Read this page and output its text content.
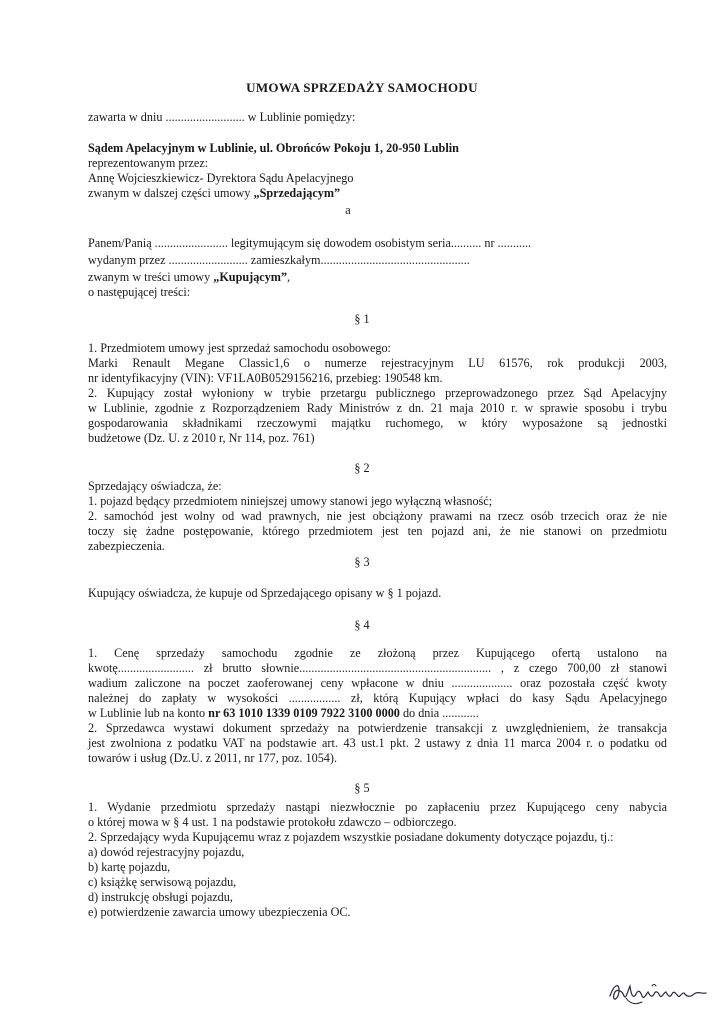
UMOWA SPRZEDAŻY SAMOCHODU
zawarta w dniu .......................... w Lublinie pomiędzy:
Sądem Apelacyjnym w Lublinie, ul. Obrońców Pokoju 1, 20-950 Lublin
reprezentowanym przez:
Annę Wojcieszkiewicz- Dyrektora Sądu Apelacyjnego
zwanym w dalszej części umowy „Sprzedającym”
a
Panem/Panią ........................ legitymującym się dowodem osobistym seria.......... nr ...........
wydanym przez .......................... zamieszkałym.................................................
zwanym w treści umowy „Kupującym”,
o następującej treści:
§ 1
1. Przedmiotem umowy jest sprzedaż samochodu osobowego:
Marki Renault Megane Classic1,6 o numerze rejestracyjnym LU 61576, rok produkcji 2003,
nr identyfikacyjny (VIN): VF1LA0B0529156216, przebieg: 190548 km.
2. Kupujący został wyłoniony w trybie przetargu publicznego przeprowadzonego przez Sąd Apelacyjny
w Lublinie, zgodnie z Rozporządzeniem Rady Ministrów z dn. 21 maja 2010 r. w sprawie sposobu i trybu
gospodarowania składnikami rzeczowymi majątku ruchomego, w który wyposażone są jednostki
budżetowe (Dz. U. z 2010 r, Nr 114, poz. 761)
§ 2
Sprzedający oświadcza, że:
1. pojazd będący przedmiotem niniejszej umowy stanowi jego wyłączną własność;
2. samochód jest wolny od wad prawnych, nie jest obciążony prawami na rzecz osób trzecich oraz że nie
toczy się żadne postępowanie, którego przedmiotem jest ten pojazd ani, że nie stanowi on przedmiotu
zabezpieczenia.
§ 3
Kupujący oświadcza, że kupuje od Sprzedającego opisany w § 1 pojazd.
§ 4
1. Cenę sprzedaży samochodu zgodnie ze złożoną przez Kupującego ofertą ustalono na
kwotę......................... zł brutto słownie............................................................... , z czego 700,00 zł stanowi
wadium zaliczone na poczet zaoferowanej ceny wpłacone w dniu .................... oraz pozostała część kwoty
należnej do zapłaty w wysokości ................. zł, którą Kupujący wpłaci do kasy Sądu Apelacyjnego
w Lublinie lub na konto nr 63 1010 1339 0109 7922 3100 0000 do dnia ............
2. Sprzedawca wystawi dokument sprzedaży na potwierdzenie transakcji z uwzględnieniem, że transakcja
jest zwolniona z podatku VAT na podstawie art. 43 ust.1 pkt. 2 ustawy z dnia 11 marca 2004 r. o podatku od
towarów i usług (Dz.U. z 2011, nr 177, poz. 1054).
§ 5
1. Wydanie przedmiotu sprzedaży nastąpi niezwłocznie po zapłaceniu przez Kupującego ceny nabycia
o której mowa w § 4 ust. 1 na podstawie protokołu zdawczo – odbiorczego.
2. Sprzedający wyda Kupującemu wraz z pojazdem wszystkie posiadane dokumenty dotyczące pojazdu, tj.:
a) dowód rejestracyjny pojazdu,
b) kartę pojazdu,
c) książkę serwisową pojazdu,
d) instrukcję obsługi pojazdu,
e) potwierdzenie zawarcia umowy ubezpieczenia OC.
